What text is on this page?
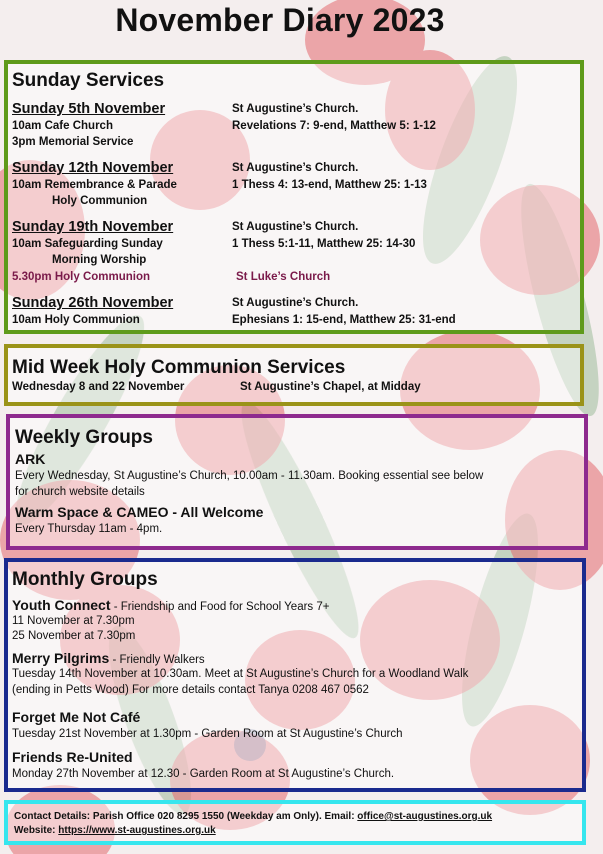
November Diary 2023
Sunday Services
Sunday 5th November	St Augustine’s Church.
10am Cafe Church	Revelations 7: 9-end, Matthew 5: 1-12
3pm Memorial Service
Sunday 12th November	St Augustine’s Church.
10am Remembrance & Parade	1 Thess 4: 13-end, Matthew 25: 1-13
Holy Communion
Sunday 19th November	St Augustine’s Church.
10am Safeguarding Sunday	1 Thess 5:1-11, Matthew 25: 14-30
Morning Worship
5.30pm Holy Communion	St Luke’s Church
Sunday 26th November	St Augustine’s Church.
10am Holy Communion	Ephesians 1: 15-end, Matthew 25: 31-end
Mid Week Holy Communion Services
Wednesday 8 and 22 November	St Augustine’s Chapel, at Midday
Weekly Groups
ARK
Every Wednesday, St Augustine’s Church, 10.00am - 11.30am. Booking essential see below
for church website details
Warm Space & CAMEO - All Welcome
Every Thursday 11am - 4pm.
Monthly Groups
Youth Connect - Friendship and Food for School Years 7+
11 November at 7.30pm
25 November at 7.30pm
Merry Pilgrims - Friendly Walkers
Tuesday 14th November at 10.30am. Meet at St Augustine’s Church for a Woodland Walk
(ending in Petts Wood) For more details contact Tanya 0208 467 0562
Forget Me Not Café
Tuesday 21st November at 1.30pm - Garden Room at St Augustine’s Church
Friends Re-United
Monday 27th November at 12.30 - Garden Room at St Augustine’s Church.
Contact Details: Parish Office 020 8295 1550 (Weekday am Only). Email: office@st-augustines.org.uk
Website: https://www.st-augustines.org.uk
